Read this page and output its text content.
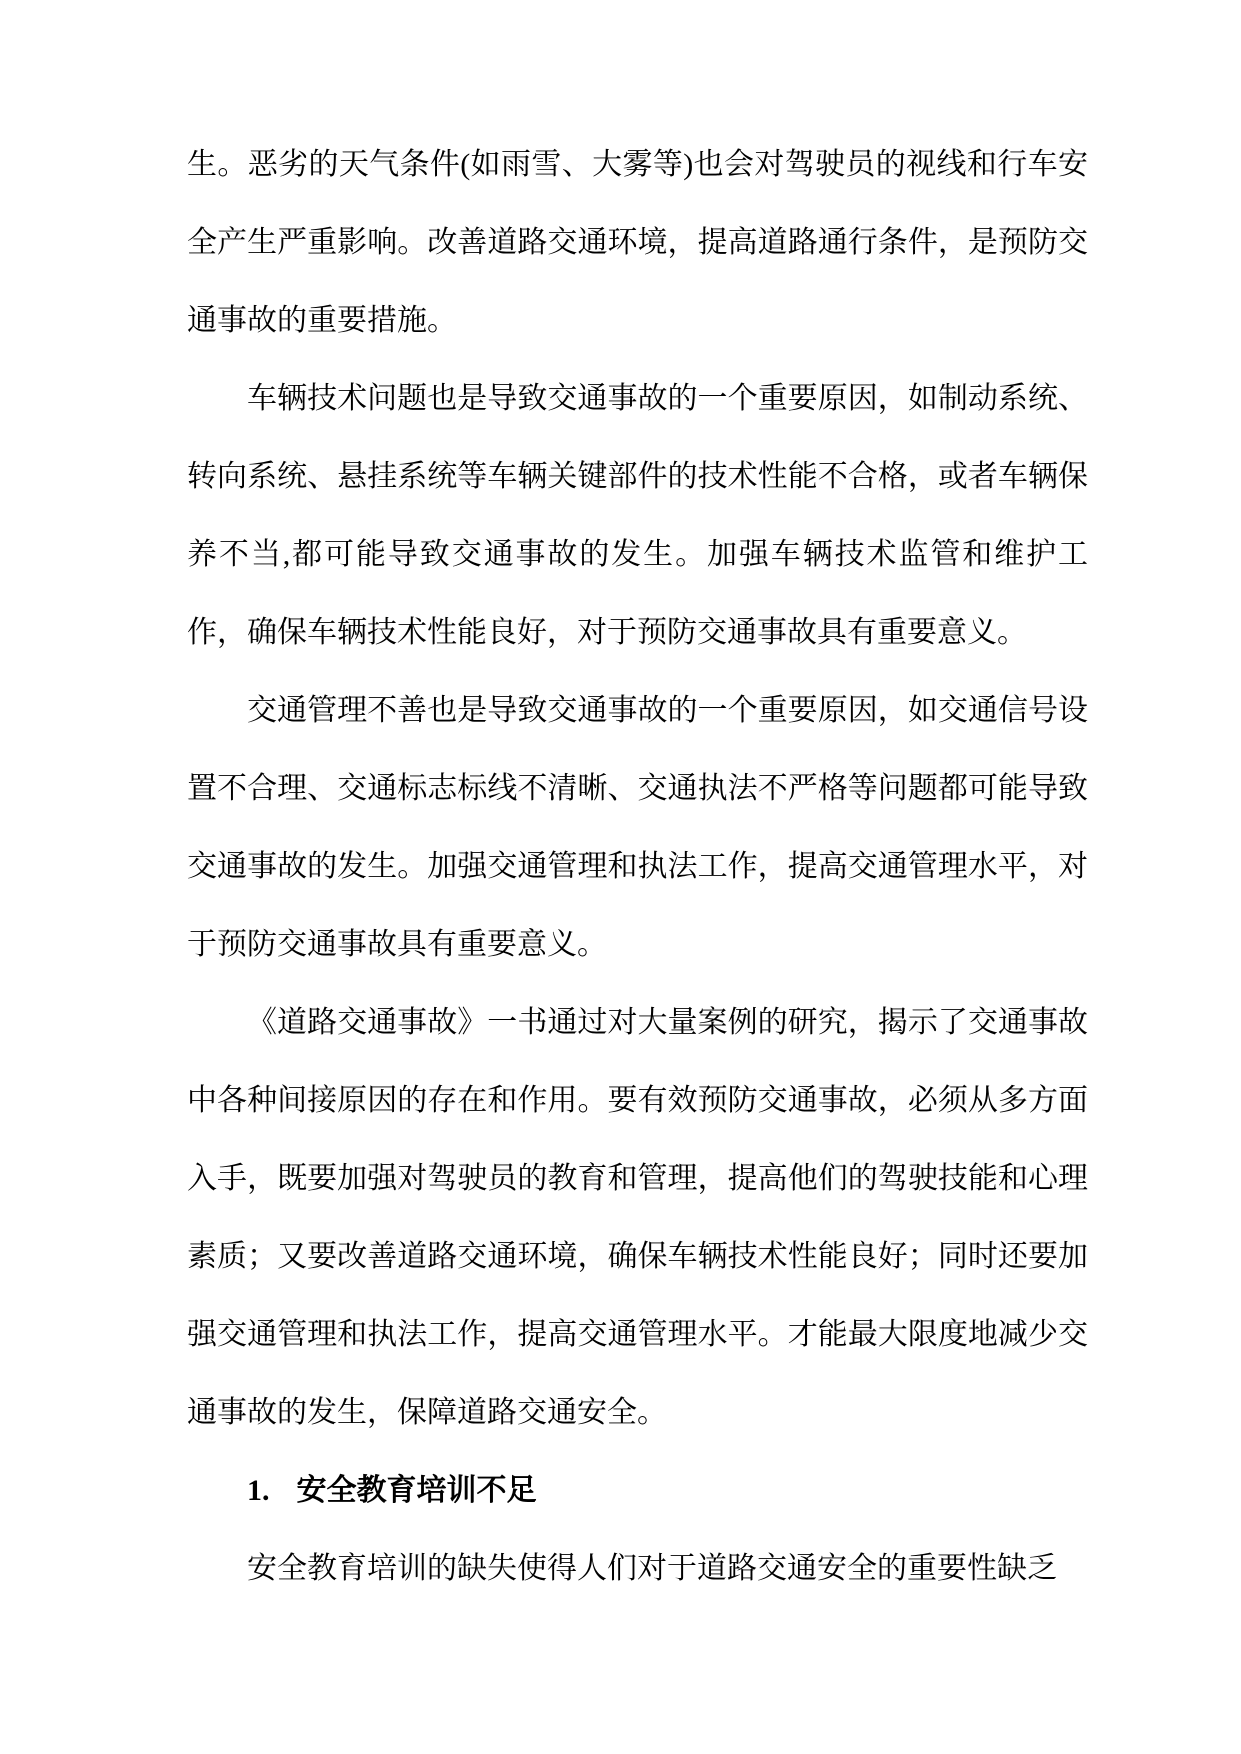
生。恶劣的天气条件(如雨雪、大雾等)也会对驾驶员的视线和行车安全产生严重影响。改善道路交通环境，提高道路通行条件，是预防交通事故的重要措施。

车辆技术问题也是导致交通事故的一个重要原因，如制动系统、转向系统、悬挂系统等车辆关键部件的技术性能不合格，或者车辆保养不当,都可能导致交通事故的发生。加强车辆技术监管和维护工作，确保车辆技术性能良好，对于预防交通事故具有重要意义。

交通管理不善也是导致交通事故的一个重要原因，如交通信号设置不合理、交通标志标线不清晰、交通执法不严格等问题都可能导致交通事故的发生。加强交通管理和执法工作，提高交通管理水平，对于预防交通事故具有重要意义。

《道路交通事故》一书通过对大量案例的研究，揭示了交通事故中各种间接原因的存在和作用。要有效预防交通事故，必须从多方面入手，既要加强对驾驶员的教育和管理，提高他们的驾驶技能和心理素质；又要改善道路交通环境，确保车辆技术性能良好；同时还要加强交通管理和执法工作，提高交通管理水平。才能最大限度地减少交通事故的发生，保障道路交通安全。

1. 安全教育培训不足

安全教育培训的缺失使得人们对于道路交通安全的重要性缺乏
